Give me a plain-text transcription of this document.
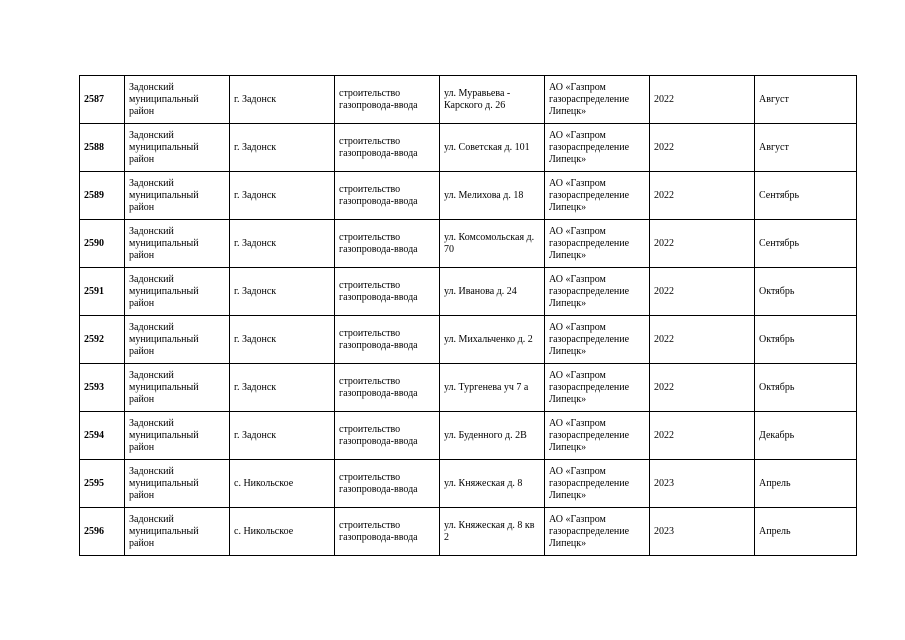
2587	Задонский муниципальный район	г. Задонск	строительство газопровода-ввода	ул. Муравьева - Карского д. 26	АО «Газпром газораспределение Липецк»	2022	Август
2588	Задонский муниципальный район	г. Задонск	строительство газопровода-ввода	ул. Советская д. 101	АО «Газпром газораспределение Липецк»	2022	Август
2589	Задонский муниципальный район	г. Задонск	строительство газопровода-ввода	ул. Мелихова д. 18	АО «Газпром газораспределение Липецк»	2022	Сентябрь
2590	Задонский муниципальный район	г. Задонск	строительство газопровода-ввода	ул. Комсомольская д. 70	АО «Газпром газораспределение Липецк»	2022	Сентябрь
2591	Задонский муниципальный район	г. Задонск	строительство газопровода-ввода	ул. Иванова д. 24	АО «Газпром газораспределение Липецк»	2022	Октябрь
2592	Задонский муниципальный район	г. Задонск	строительство газопровода-ввода	ул. Михальченко д. 2	АО «Газпром газораспределение Липецк»	2022	Октябрь
2593	Задонский муниципальный район	г. Задонск	строительство газопровода-ввода	ул. Тургенева уч 7 а	АО «Газпром газораспределение Липецк»	2022	Октябрь
2594	Задонский муниципальный район	г. Задонск	строительство газопровода-ввода	ул. Буденного д. 2В	АО «Газпром газораспределение Липецк»	2022	Декабрь
2595	Задонский муниципальный район	с. Никольское	строительство газопровода-ввода	ул. Княжеская д. 8	АО «Газпром газораспределение Липецк»	2023	Апрель
2596	Задонский муниципальный район	с. Никольское	строительство газопровода-ввода	ул. Княжеская д. 8 кв 2	АО «Газпром газораспределение Липецк»	2023	Апрель
